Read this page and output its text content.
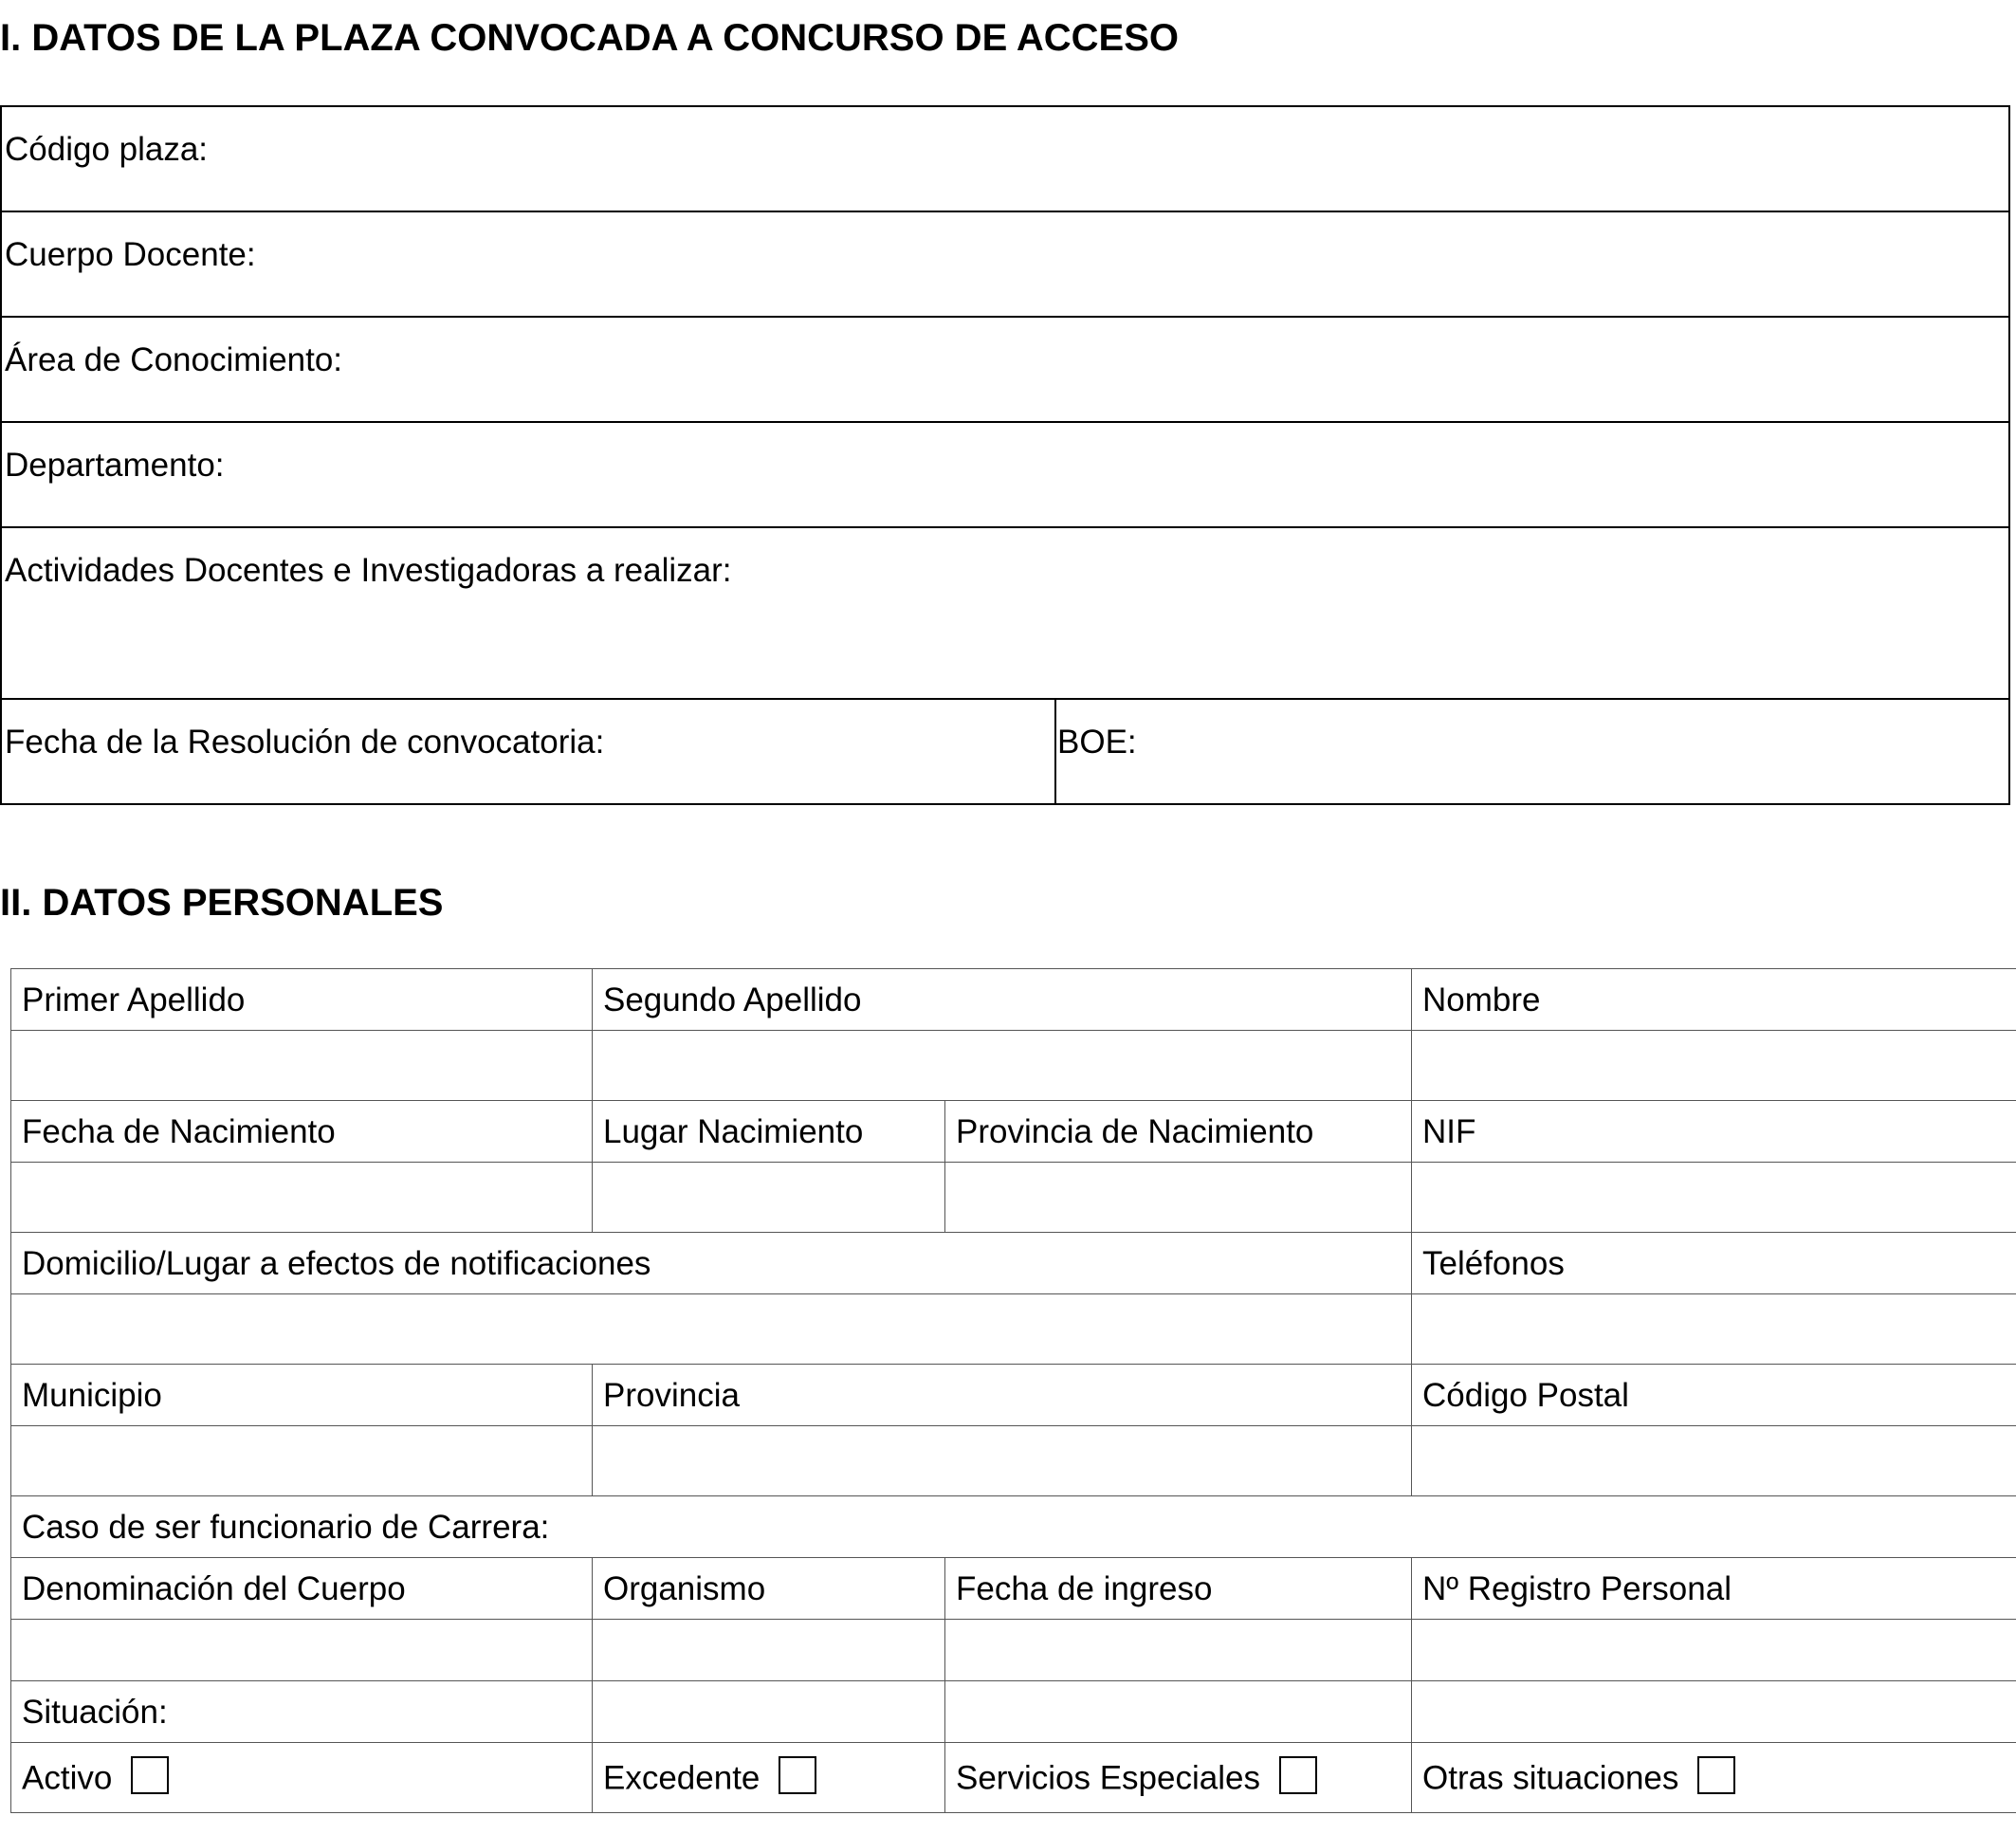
I. DATOS DE LA PLAZA CONVOCADA A CONCURSO DE ACCESO
Código plaza:

Cuerpo Docente:

Área de Conocimiento:

Departamento:

Actividades Docentes e Investigadoras a realizar:

Fecha de la Resolución de convocatoria:	BOE:
II. DATOS PERSONALES
Primer Apellido	Segundo Apellido		Nombre

Fecha de Nacimiento	Lugar Nacimiento	Provincia de Nacimiento	NIF

Domicilio/Lugar a efectos de notificaciones			Teléfonos

Municipio	Provincia		Código Postal

Caso de ser funcionario de Carrera:			
Denominación del Cuerpo	Organismo	Fecha de ingreso	Nº Registro Personal

Situación:			
Activo	Excedente	Servicios Especiales	Otras situaciones
